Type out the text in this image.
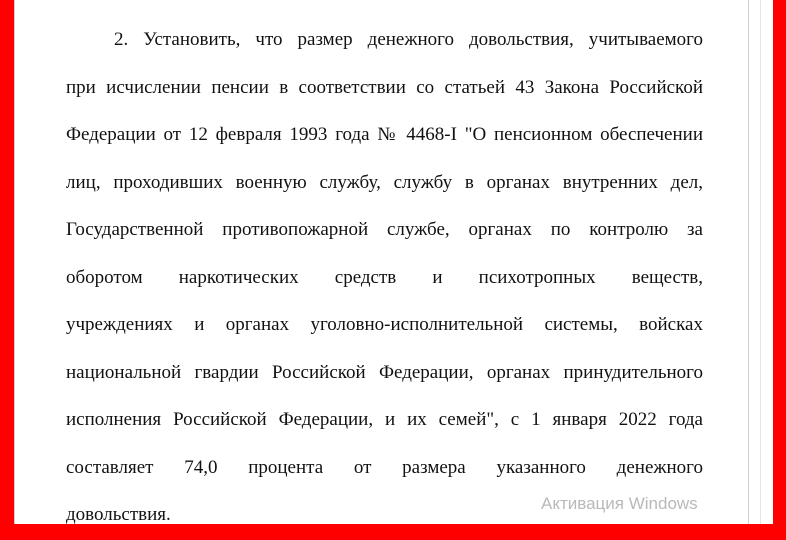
2. Установить, что размер денежного довольствия, учитываемого
при исчислении пенсии в соответствии со статьей 43 Закона Российской
Федерации от 12 февраля 1993 года № 4468-I "О пенсионном обеспечении
лиц, проходивших военную службу, службу в органах внутренних дел,
Государственной противопожарной службе, органах по контролю за
оборотом наркотических средств и психотропных веществ,
учреждениях и органах уголовно-исполнительной системы, войсках
национальной гвардии Российской Федерации, органах принудительного
исполнения Российской Федерации, и их семей", с 1 января 2022 года
составляет 74,0 процента от размера указанного денежного
довольствия.
Активация Windows
